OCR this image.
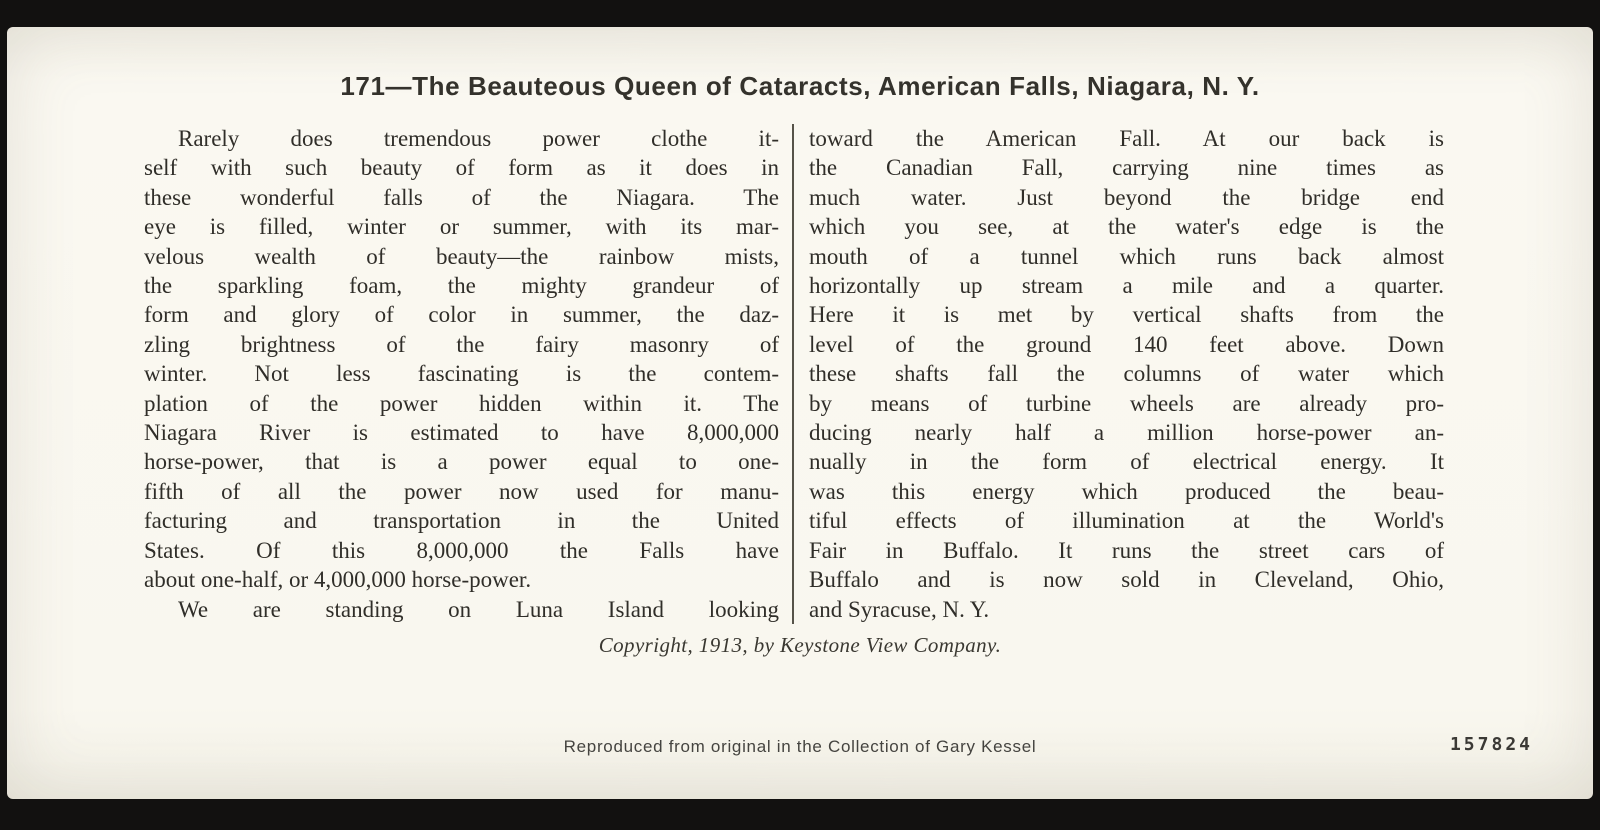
171—The Beauteous Queen of Cataracts, American Falls, Niagara, N. Y.
Rarely does tremendous power clothe it-
self with such beauty of form as it does in
these wonderful falls of the Niagara. The
eye is filled, winter or summer, with its mar-
velous wealth of beauty—the rainbow mists,
the sparkling foam, the mighty grandeur of
form and glory of color in summer, the daz-
zling brightness of the fairy masonry of
winter. Not less fascinating is the contem-
plation of the power hidden within it. The
Niagara River is estimated to have 8,000,000
horse-power, that is a power equal to one-
fifth of all the power now used for manu-
facturing and transportation in the United
States. Of this 8,000,000 the Falls have
about one-half, or 4,000,000 horse-power.
We are standing on Luna Island looking
toward the American Fall. At our back is
the Canadian Fall, carrying nine times as
much water. Just beyond the bridge end
which you see, at the water's edge is the
mouth of a tunnel which runs back almost
horizontally up stream a mile and a quarter.
Here it is met by vertical shafts from the
level of the ground 140 feet above. Down
these shafts fall the columns of water which
by means of turbine wheels are already pro-
ducing nearly half a million horse-power an-
nually in the form of electrical energy. It
was this energy which produced the beau-
tiful effects of illumination at the World's
Fair in Buffalo. It runs the street cars of
Buffalo and is now sold in Cleveland, Ohio,
and Syracuse, N. Y.
Copyright, 1913, by Keystone View Company.
Reproduced from original in the Collection of Gary Kessel	157824
